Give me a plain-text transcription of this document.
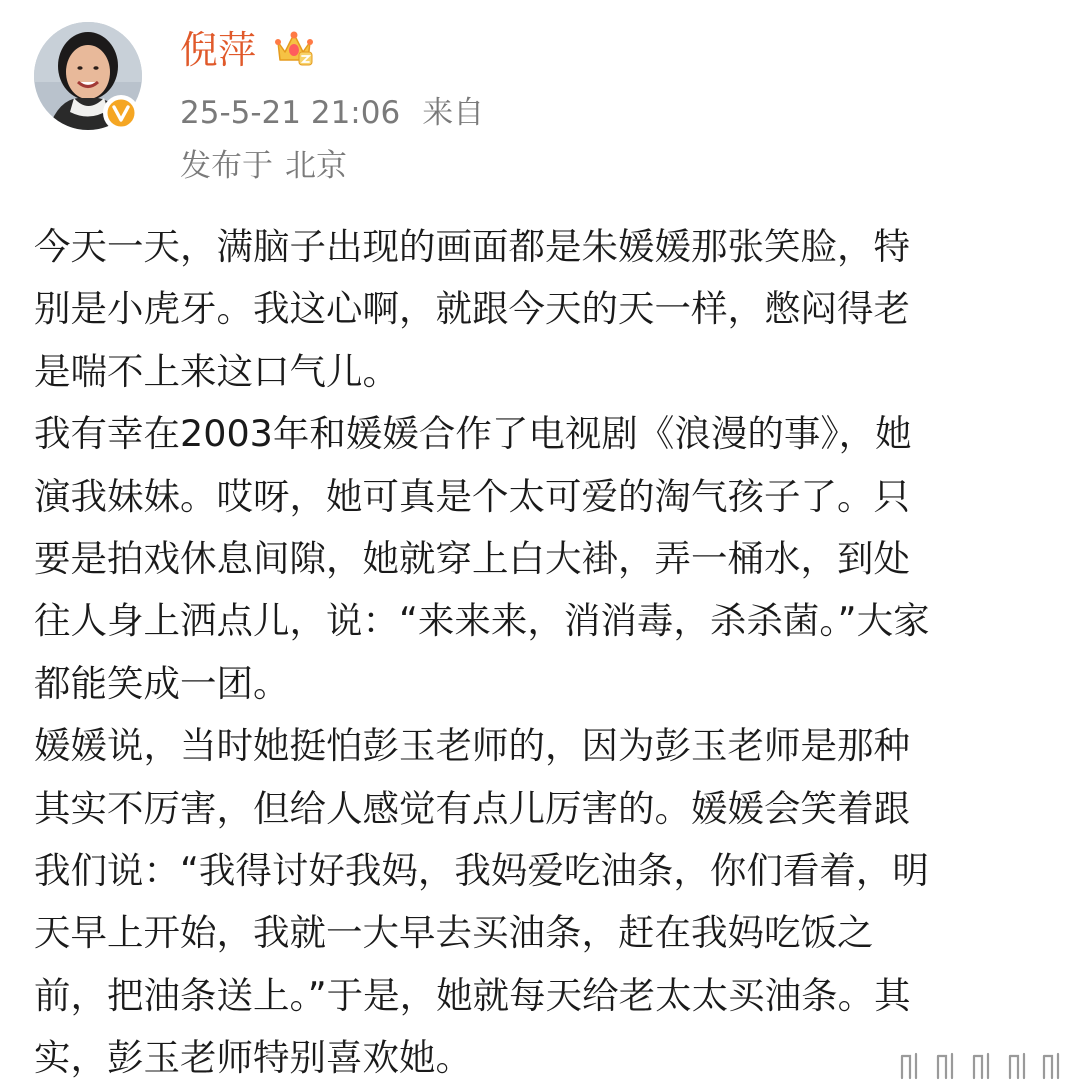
倪萍
25-5-21 21:06 来自
发布于 北京
今天一天，满脑子出现的画面都是朱媛媛那张笑脸，特
别是小虎牙。我这心啊，就跟今天的天一样，憋闷得老
是喘不上来这口气儿。
我有幸在2003年和媛媛合作了电视剧《浪漫的事》，她
演我妹妹。哎呀，她可真是个太可爱的淘气孩子了。只
要是拍戏休息间隙，她就穿上白大褂，弄一桶水，到处
往人身上洒点儿，说：“来来来，消消毒，杀杀菌。”大家
都能笑成一团。
媛媛说，当时她挺怕彭玉老师的，因为彭玉老师是那种
其实不厉害，但给人感觉有点儿厉害的。媛媛会笑着跟
我们说：“我得讨好我妈，我妈爱吃油条，你们看着，明
天早上开始，我就一大早去买油条，赶在我妈吃饭之
前，把油条送上。”于是，她就每天给老太太买油条。其
实，彭玉老师特别喜欢她。
